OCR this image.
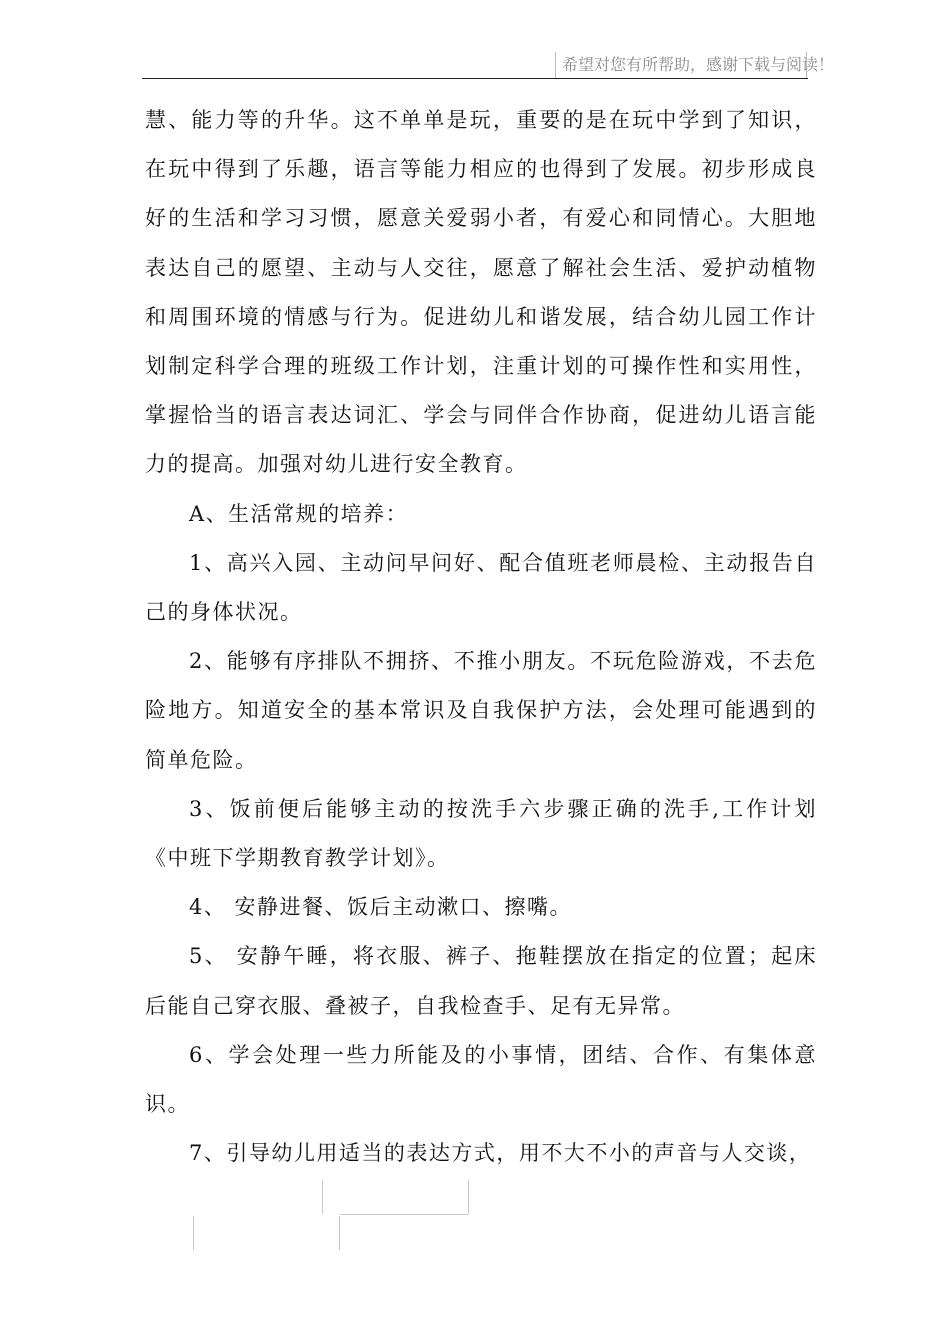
希望对您有所帮助，感谢下载与阅读！

慧、能力等的升华。这不单单是玩，重要的是在玩中学到了知识，在玩中得到了乐趣，语言等能力相应的也得到了发展。初步形成良好的生活和学习习惯，愿意关爱弱小者，有爱心和同情心。大胆地表达自己的愿望、主动与人交往，愿意了解社会生活、爱护动植物和周围环境的情感与行为。促进幼儿和谐发展，结合幼儿园工作计划制定科学合理的班级工作计划，注重计划的可操作性和实用性，掌握恰当的语言表达词汇、学会与同伴合作协商，促进幼儿语言能力的提高。加强对幼儿进行安全教育。

A、生活常规的培养：

1、高兴入园、主动问早问好、配合值班老师晨检、主动报告自己的身体状况。

2、能够有序排队不拥挤、不推小朋友。不玩危险游戏，不去危险地方。知道安全的基本常识及自我保护方法，会处理可能遇到的简单危险。

3、饭前便后能够主动的按洗手六步骤正确的洗手,工作计划《中班下学期教育教学计划》。

4、 安静进餐、饭后主动漱口、擦嘴。

5、 安静午睡，将衣服、裤子、拖鞋摆放在指定的位置；起床后能自己穿衣服、叠被子，自我检查手、足有无异常。

6、学会处理一些力所能及的小事情，团结、合作、有集体意识。

7、引导幼儿用适当的表达方式，用不大不小的声音与人交谈，
